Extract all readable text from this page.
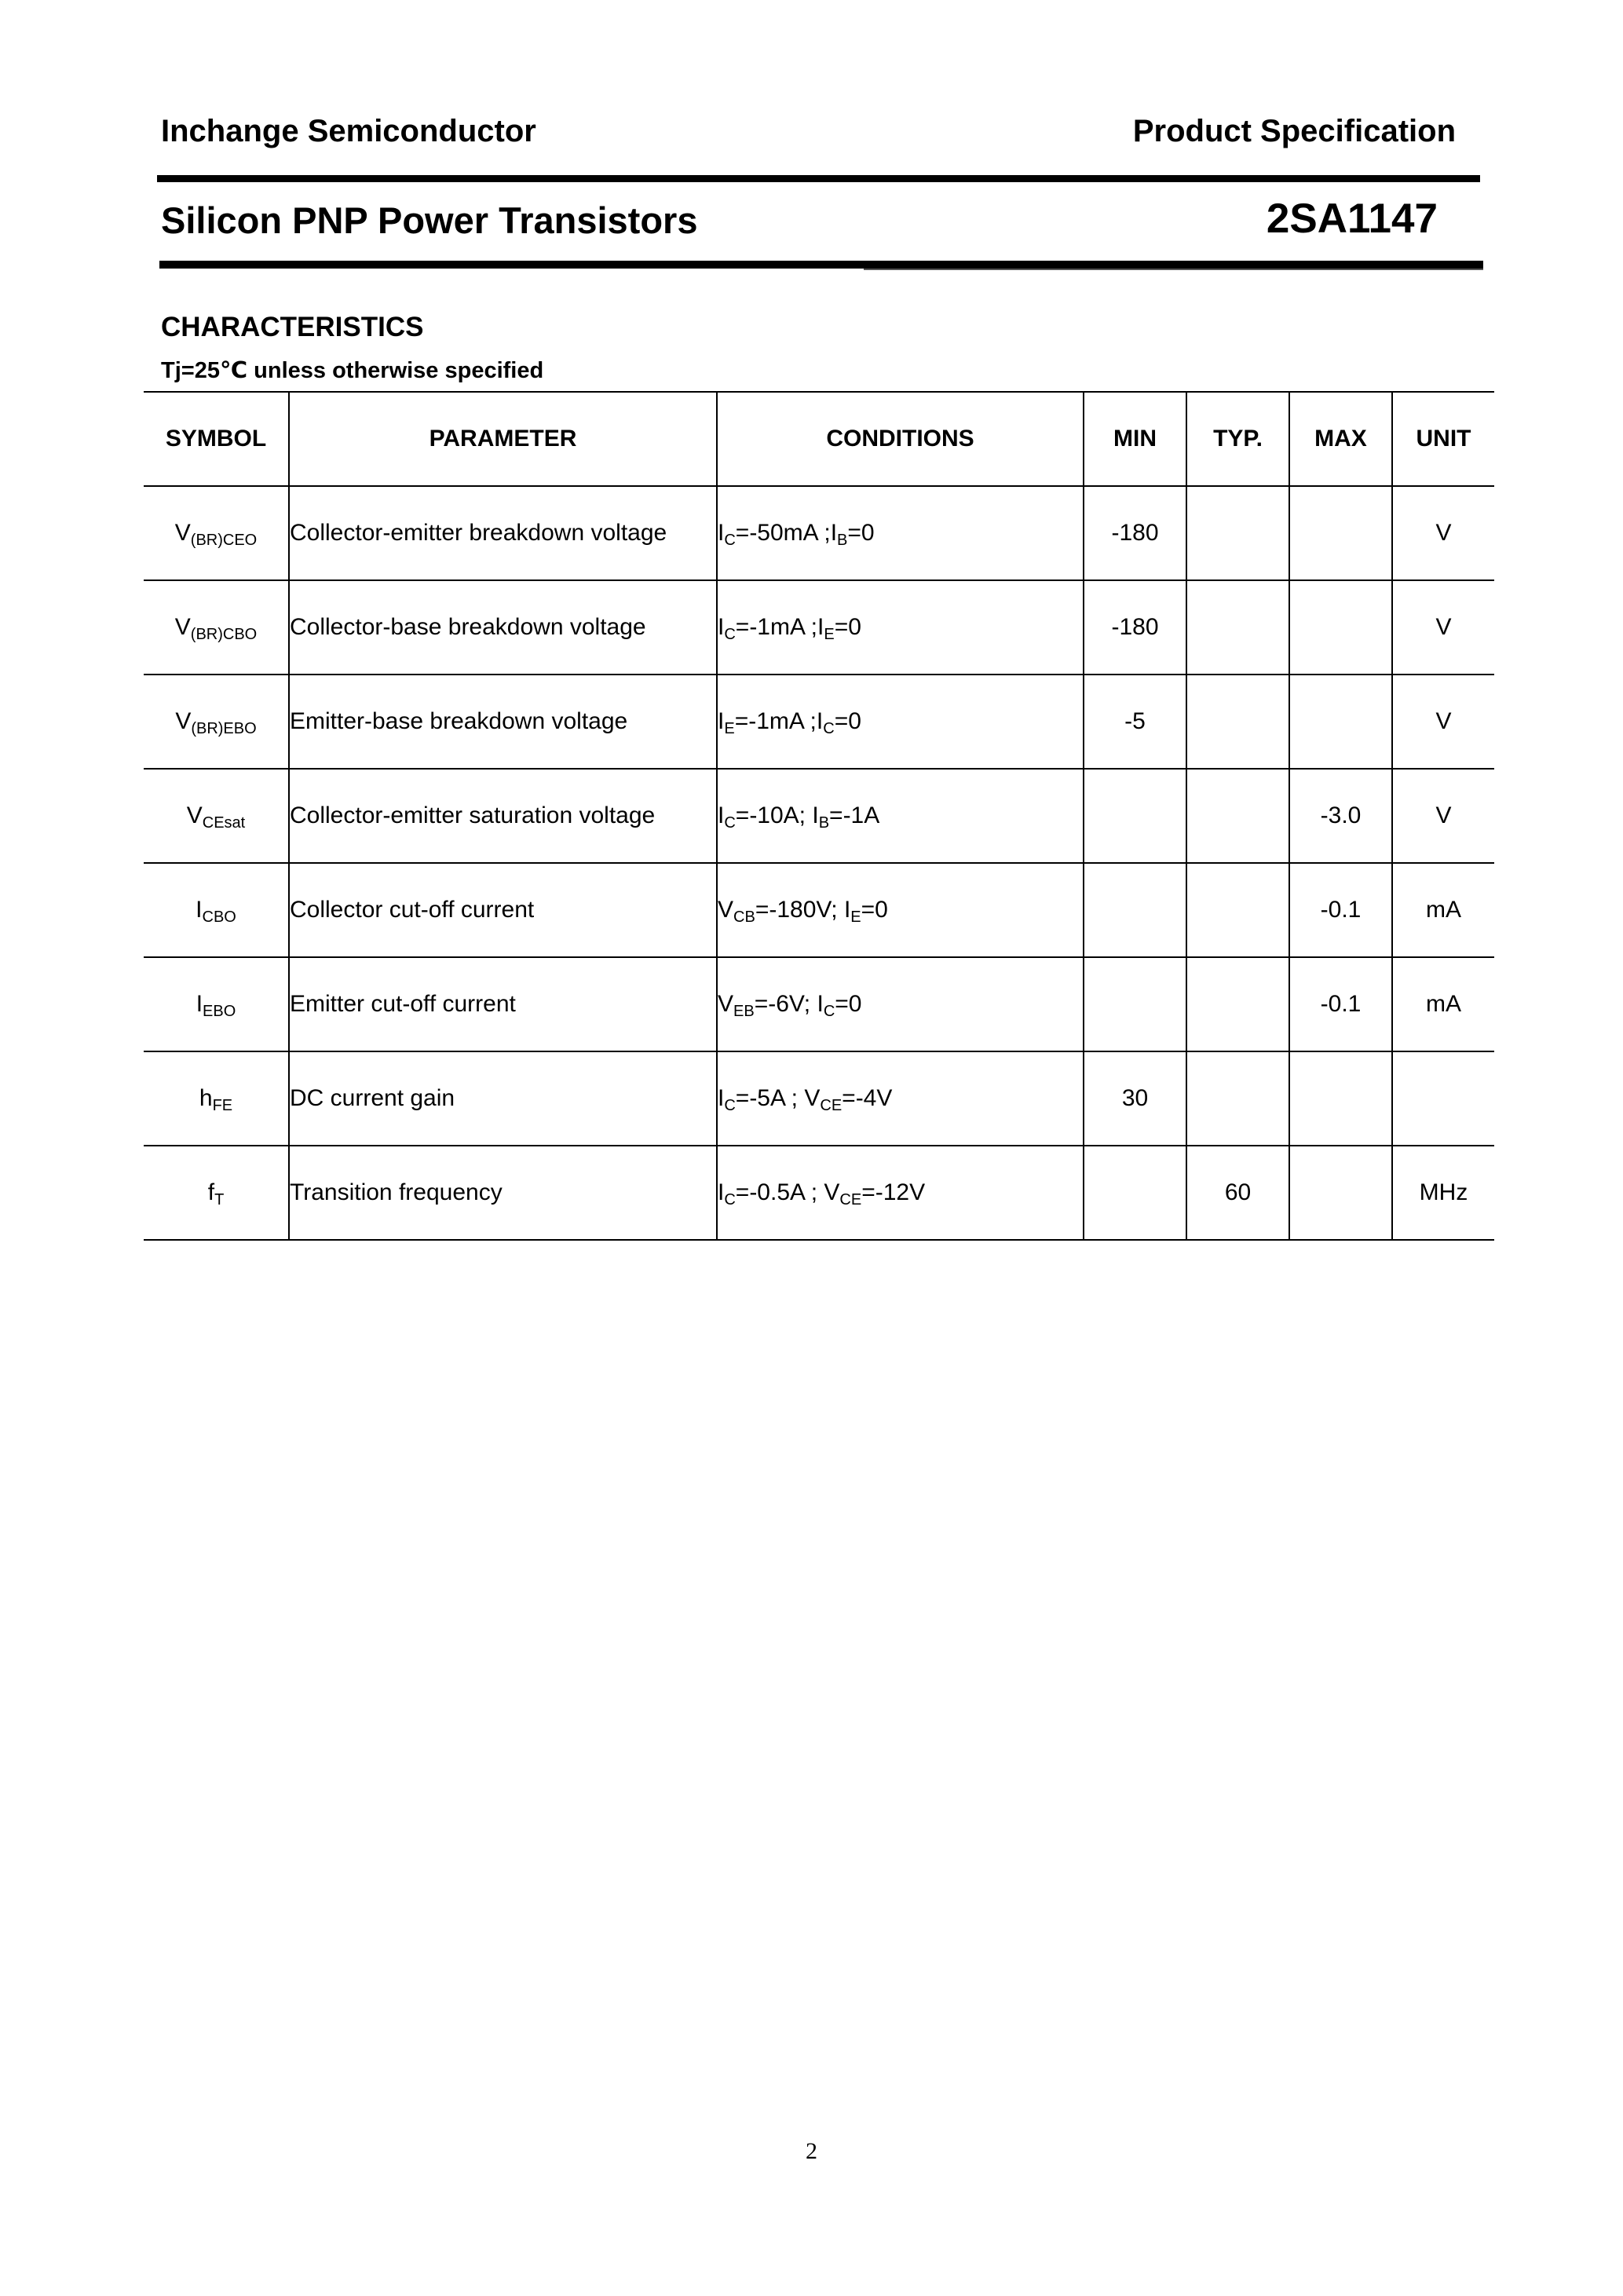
Inchange Semiconductor	Product Specification
Silicon PNP Power Transistors	2SA1147
CHARACTERISTICS
Tj=25℃ unless otherwise specified
SYMBOL	PARAMETER	CONDITIONS	MIN	TYP.	MAX	UNIT
$V_{(BR)CEO}$	Collector-emitter breakdown voltage	$I_C=-50mA$ $;I_B=0$	-180			V
$V_{(BR)CBO}$	Collector-base breakdown voltage	$I_C=-1mA$ $;I_E=0$	-180			V
$V_{(BR)EBO}$	Emitter-base breakdown voltage	$I_E=-1mA$ $;I_C=0$	-5			V
$V_{CEsat}$	Collector-emitter saturation voltage	$I_C=-10A$; $I_B=-1A$			-3.0	V
$I_{CBO}$	Collector cut-off current	$V_{CB}=-180V$; $I_E=0$			-0.1	mA
$I_{EBO}$	Emitter cut-off current	$V_{EB}=-6V$; $I_C=0$			-0.1	mA
$h_{FE}$	DC current gain	$I_C=-5A$ ; $V_{CE}=-4V$	30			
$f_T$	Transition frequency	$I_C=-0.5A$ ; $V_{CE}=-12V$		60		MHz
2
